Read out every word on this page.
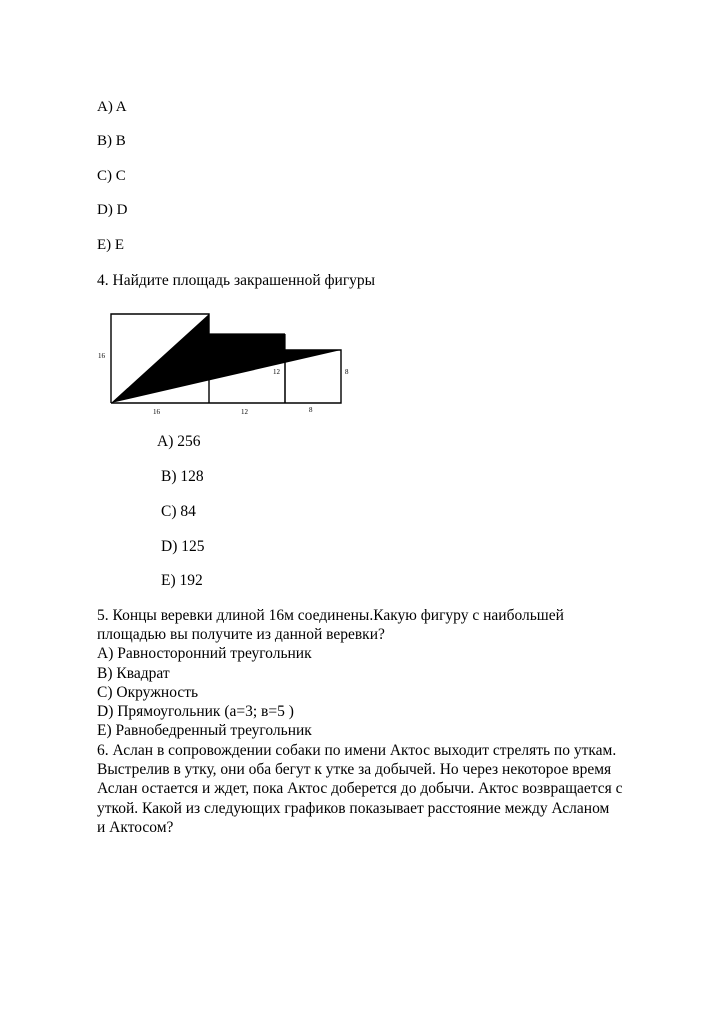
A) A

B) B

C) C

D) D

E) E

4. Найдите площадь закрашенной фигуры

16
16	12	8
12	8

A) 256

B) 128

C) 84

D) 125

E) 192

5. Концы веревки длиной 16м соединены.Какую фигуру с наибольшей
площадью вы получите из данной веревки?
A) Равносторонний треугольник
B) Квадрат
C) Окружность
D) Прямоугольник (а=3; в=5 )
E) Равнобедренный треугольник
6. Аслан в сопровождении собаки по имени Актос выходит стрелять по уткам.
Выстрелив в утку, они оба бегут к утке за добычей. Но через некоторое время
Аслан остается и ждет, пока Актос доберется до добычи. Актос возвращается с
уткой. Какой из следующих графиков показывает расстояние между Асланом
и Актосом?
